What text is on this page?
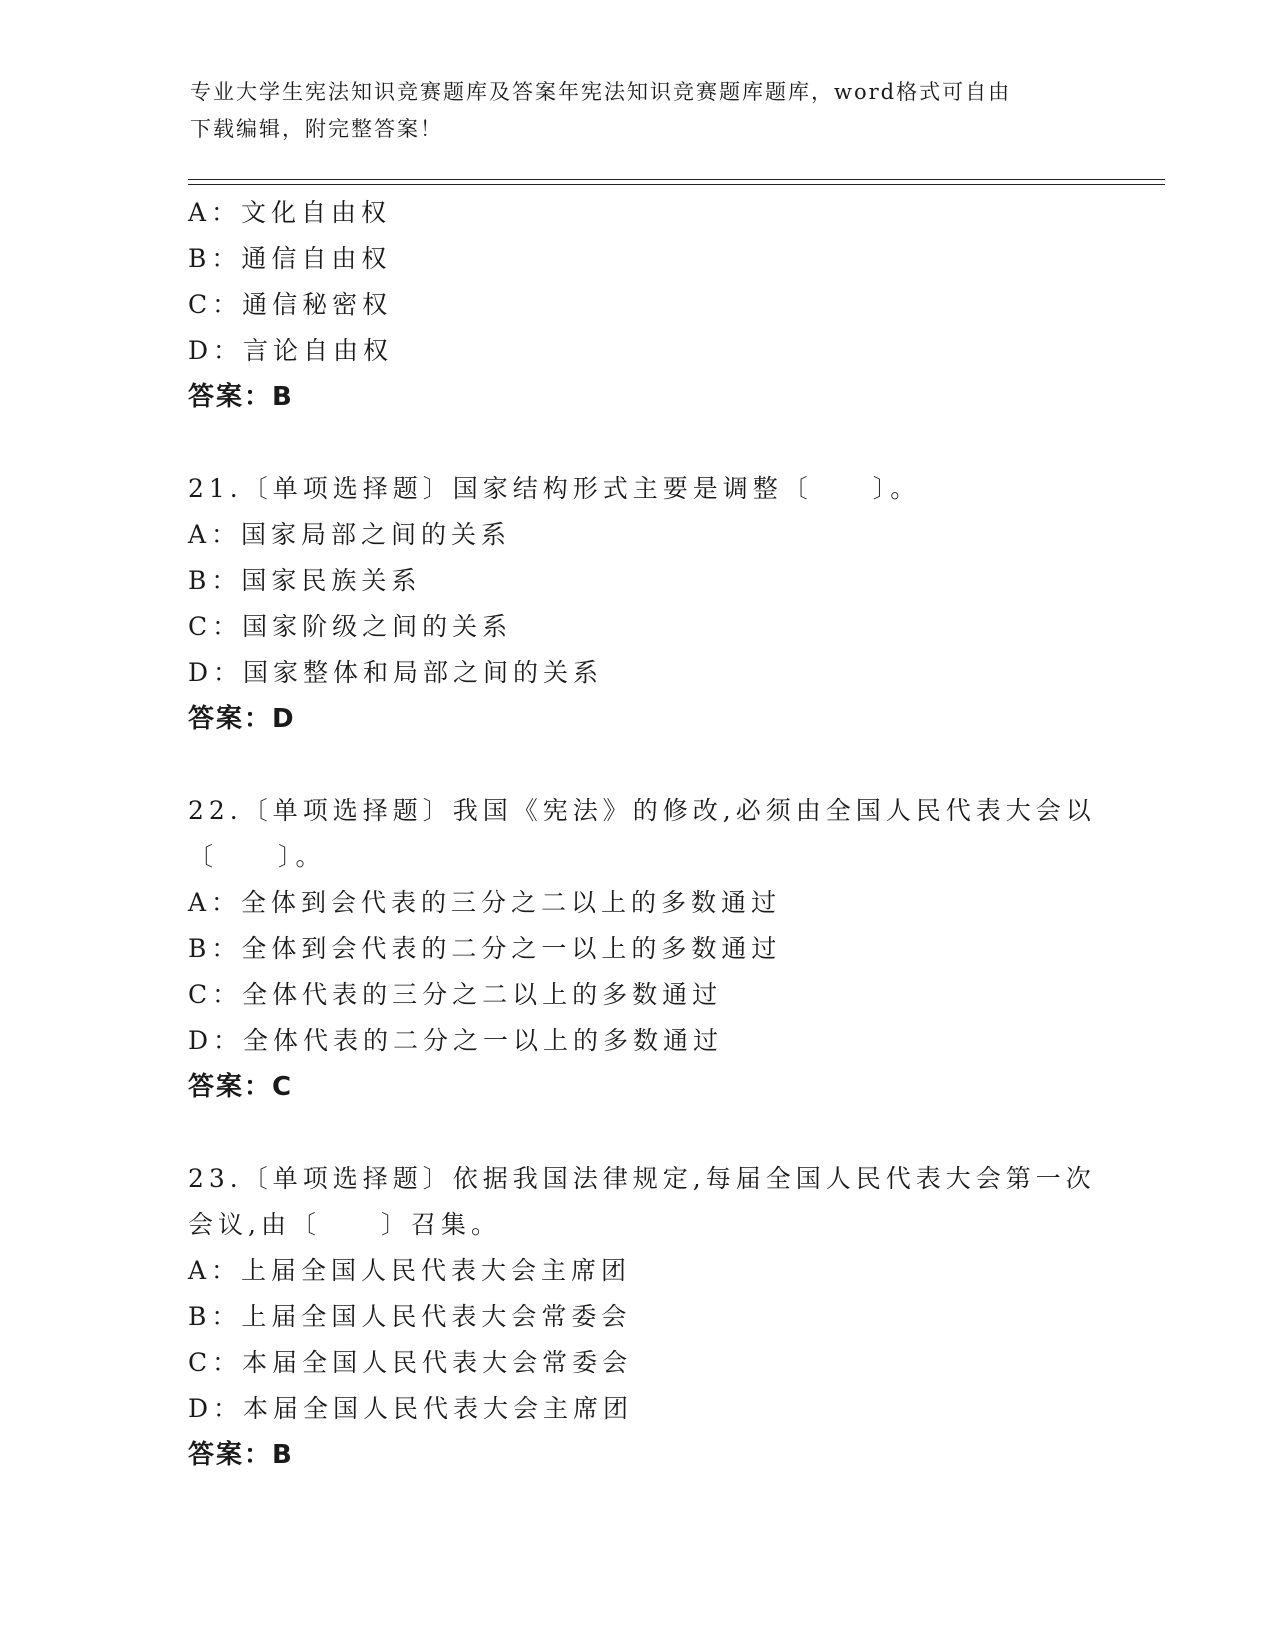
专业大学生宪法知识竞赛题库及答案年宪法知识竞赛题库题库，word格式可自由
下载编辑，附完整答案！
A：文化自由权
B：通信自由权
C：通信秘密权
D：言论自由权
答案：B
21.〔单项选择题〕国家结构形式主要是调整〔　　〕。
A：国家局部之间的关系
B：国家民族关系
C：国家阶级之间的关系
D：国家整体和局部之间的关系
答案：D
22.〔单项选择题〕我国《宪法》的修改,必须由全国人民代表大会以
〔　　〕。
A：全体到会代表的三分之二以上的多数通过
B：全体到会代表的二分之一以上的多数通过
C：全体代表的三分之二以上的多数通过
D：全体代表的二分之一以上的多数通过
答案：C
23.〔单项选择题〕依据我国法律规定,每届全国人民代表大会第一次
会议,由〔　　〕召集。
A：上届全国人民代表大会主席团
B：上届全国人民代表大会常委会
C：本届全国人民代表大会常委会
D：本届全国人民代表大会主席团
答案：B
